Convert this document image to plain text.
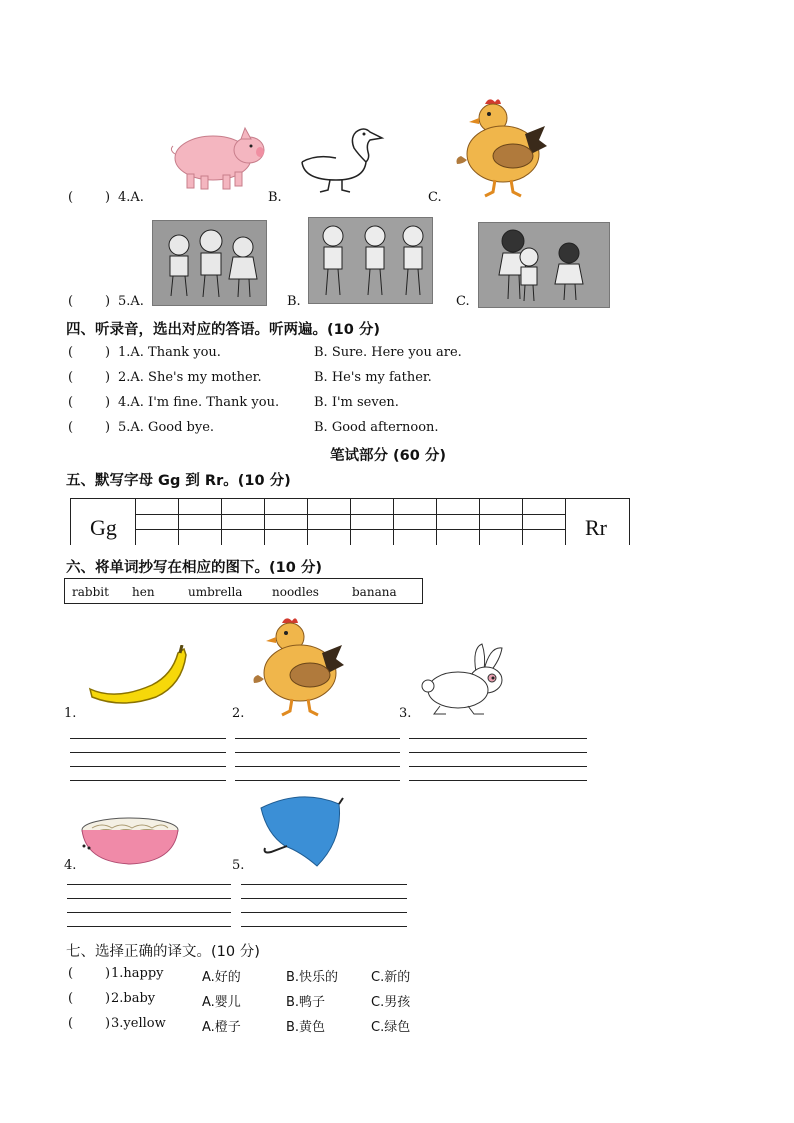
( ) 4.A.	B.	C.
( ) 5.A.	B.	C.
四、听录音，选出对应的答语。听两遍。(10 分)
( ) 1.A. Thank you.	B. Sure. Here you are.
( ) 2.A. She's my mother.	B. He's my father.
( ) 4.A. I'm fine. Thank you.	B. I'm seven.
( ) 5.A. Good bye.	B. Good afternoon.
笔试部分 (60 分)
五、默写字母 Gg 到 Rr。(10 分)
Gg	Rr
六、将单词抄写在相应的图下。(10 分)
rabbit hen	umbrella noodles	banana
1.	2.	3.
4.	5.
七、选择正确的译文。(10 分)
( ) 1.happy	A.好的	B.快乐的	C.新的
( ) 2.baby	A.婴儿	B.鸭子	C.男孩
( ) 3.yellow	A.橙子	B.黄色	C.绿色
